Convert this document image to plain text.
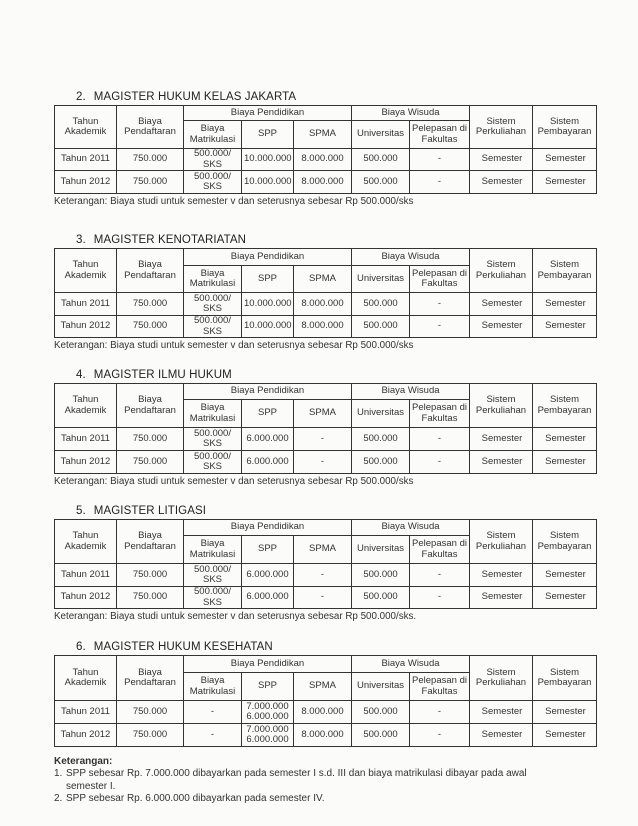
2. MAGISTER HUKUM KELAS JAKARTA
Tahun Akademik	Biaya Pendaftaran	Biaya Pendidikan			Biaya Wisuda		Sistem Perkuliahan	Sistem Pembayaran
		Biaya Matrikulasi	SPP	SPMA	Universitas	Pelepasan di Fakultas		
Tahun 2011	750.000	500.000/ SKS	10.000.000	8.000.000	500.000	-	Semester	Semester
Tahun 2012	750.000	500.000/ SKS	10.000.000	8.000.000	500.000	-	Semester	Semester
Keterangan: Biaya studi untuk semester v dan seterusnya sebesar Rp 500.000/sks
3. MAGISTER KENOTARIATAN
Tahun Akademik	Biaya Pendaftaran	Biaya Pendidikan			Biaya Wisuda		Sistem Perkuliahan	Sistem Pembayaran
		Biaya Matrikulasi	SPP	SPMA	Universitas	Pelepasan di Fakultas		
Tahun 2011	750.000	500.000/ SKS	10.000.000	8.000.000	500.000	-	Semester	Semester
Tahun 2012	750.000	500.000/ SKS	10.000.000	8.000.000	500.000	-	Semester	Semester
Keterangan: Biaya studi untuk semester v dan seterusnya sebesar Rp 500.000/sks
4. MAGISTER ILMU HUKUM
Tahun Akademik	Biaya Pendaftaran	Biaya Pendidikan			Biaya Wisuda		Sistem Perkuliahan	Sistem Pembayaran
		Biaya Matrikulasi	SPP	SPMA	Universitas	Pelepasan di Fakultas		
Tahun 2011	750.000	500.000/ SKS	6.000.000	-	500.000	-	Semester	Semester
Tahun 2012	750.000	500.000/ SKS	6.000.000	-	500.000	-	Semester	Semester
Keterangan: Biaya studi untuk semester v dan seterusnya sebesar Rp 500.000/sks
5. MAGISTER LITIGASI
Tahun Akademik	Biaya Pendaftaran	Biaya Pendidikan			Biaya Wisuda		Sistem Perkuliahan	Sistem Pembayaran
		Biaya Matrikulasi	SPP	SPMA	Universitas	Pelepasan di Fakultas		
Tahun 2011	750.000	500.000/ SKS	6.000.000	-	500.000	-	Semester	Semester
Tahun 2012	750.000	500.000/ SKS	6.000.000	-	500.000	-	Semester	Semester
Keterangan: Biaya studi untuk semester v dan seterusnya sebesar Rp 500.000/sks.
6. MAGISTER HUKUM KESEHATAN
Tahun Akademik	Biaya Pendaftaran	Biaya Pendidikan			Biaya Wisuda		Sistem Perkuliahan	Sistem Pembayaran
		Biaya Matrikulasi	SPP	SPMA	Universitas	Pelepasan di Fakultas		
Tahun 2011	750.000	-	7.000.000 6.000.000	8.000.000	500.000	-	Semester	Semester
Tahun 2012	750.000	-	7.000.000 6.000.000	8.000.000	500.000	-	Semester	Semester
Keterangan:
1. SPP sebesar Rp. 7.000.000 dibayarkan pada semester I s.d. III dan biaya matrikulasi dibayar pada awal
semester I.
2. SPP sebesar Rp. 6.000.000 dibayarkan pada semester IV.
